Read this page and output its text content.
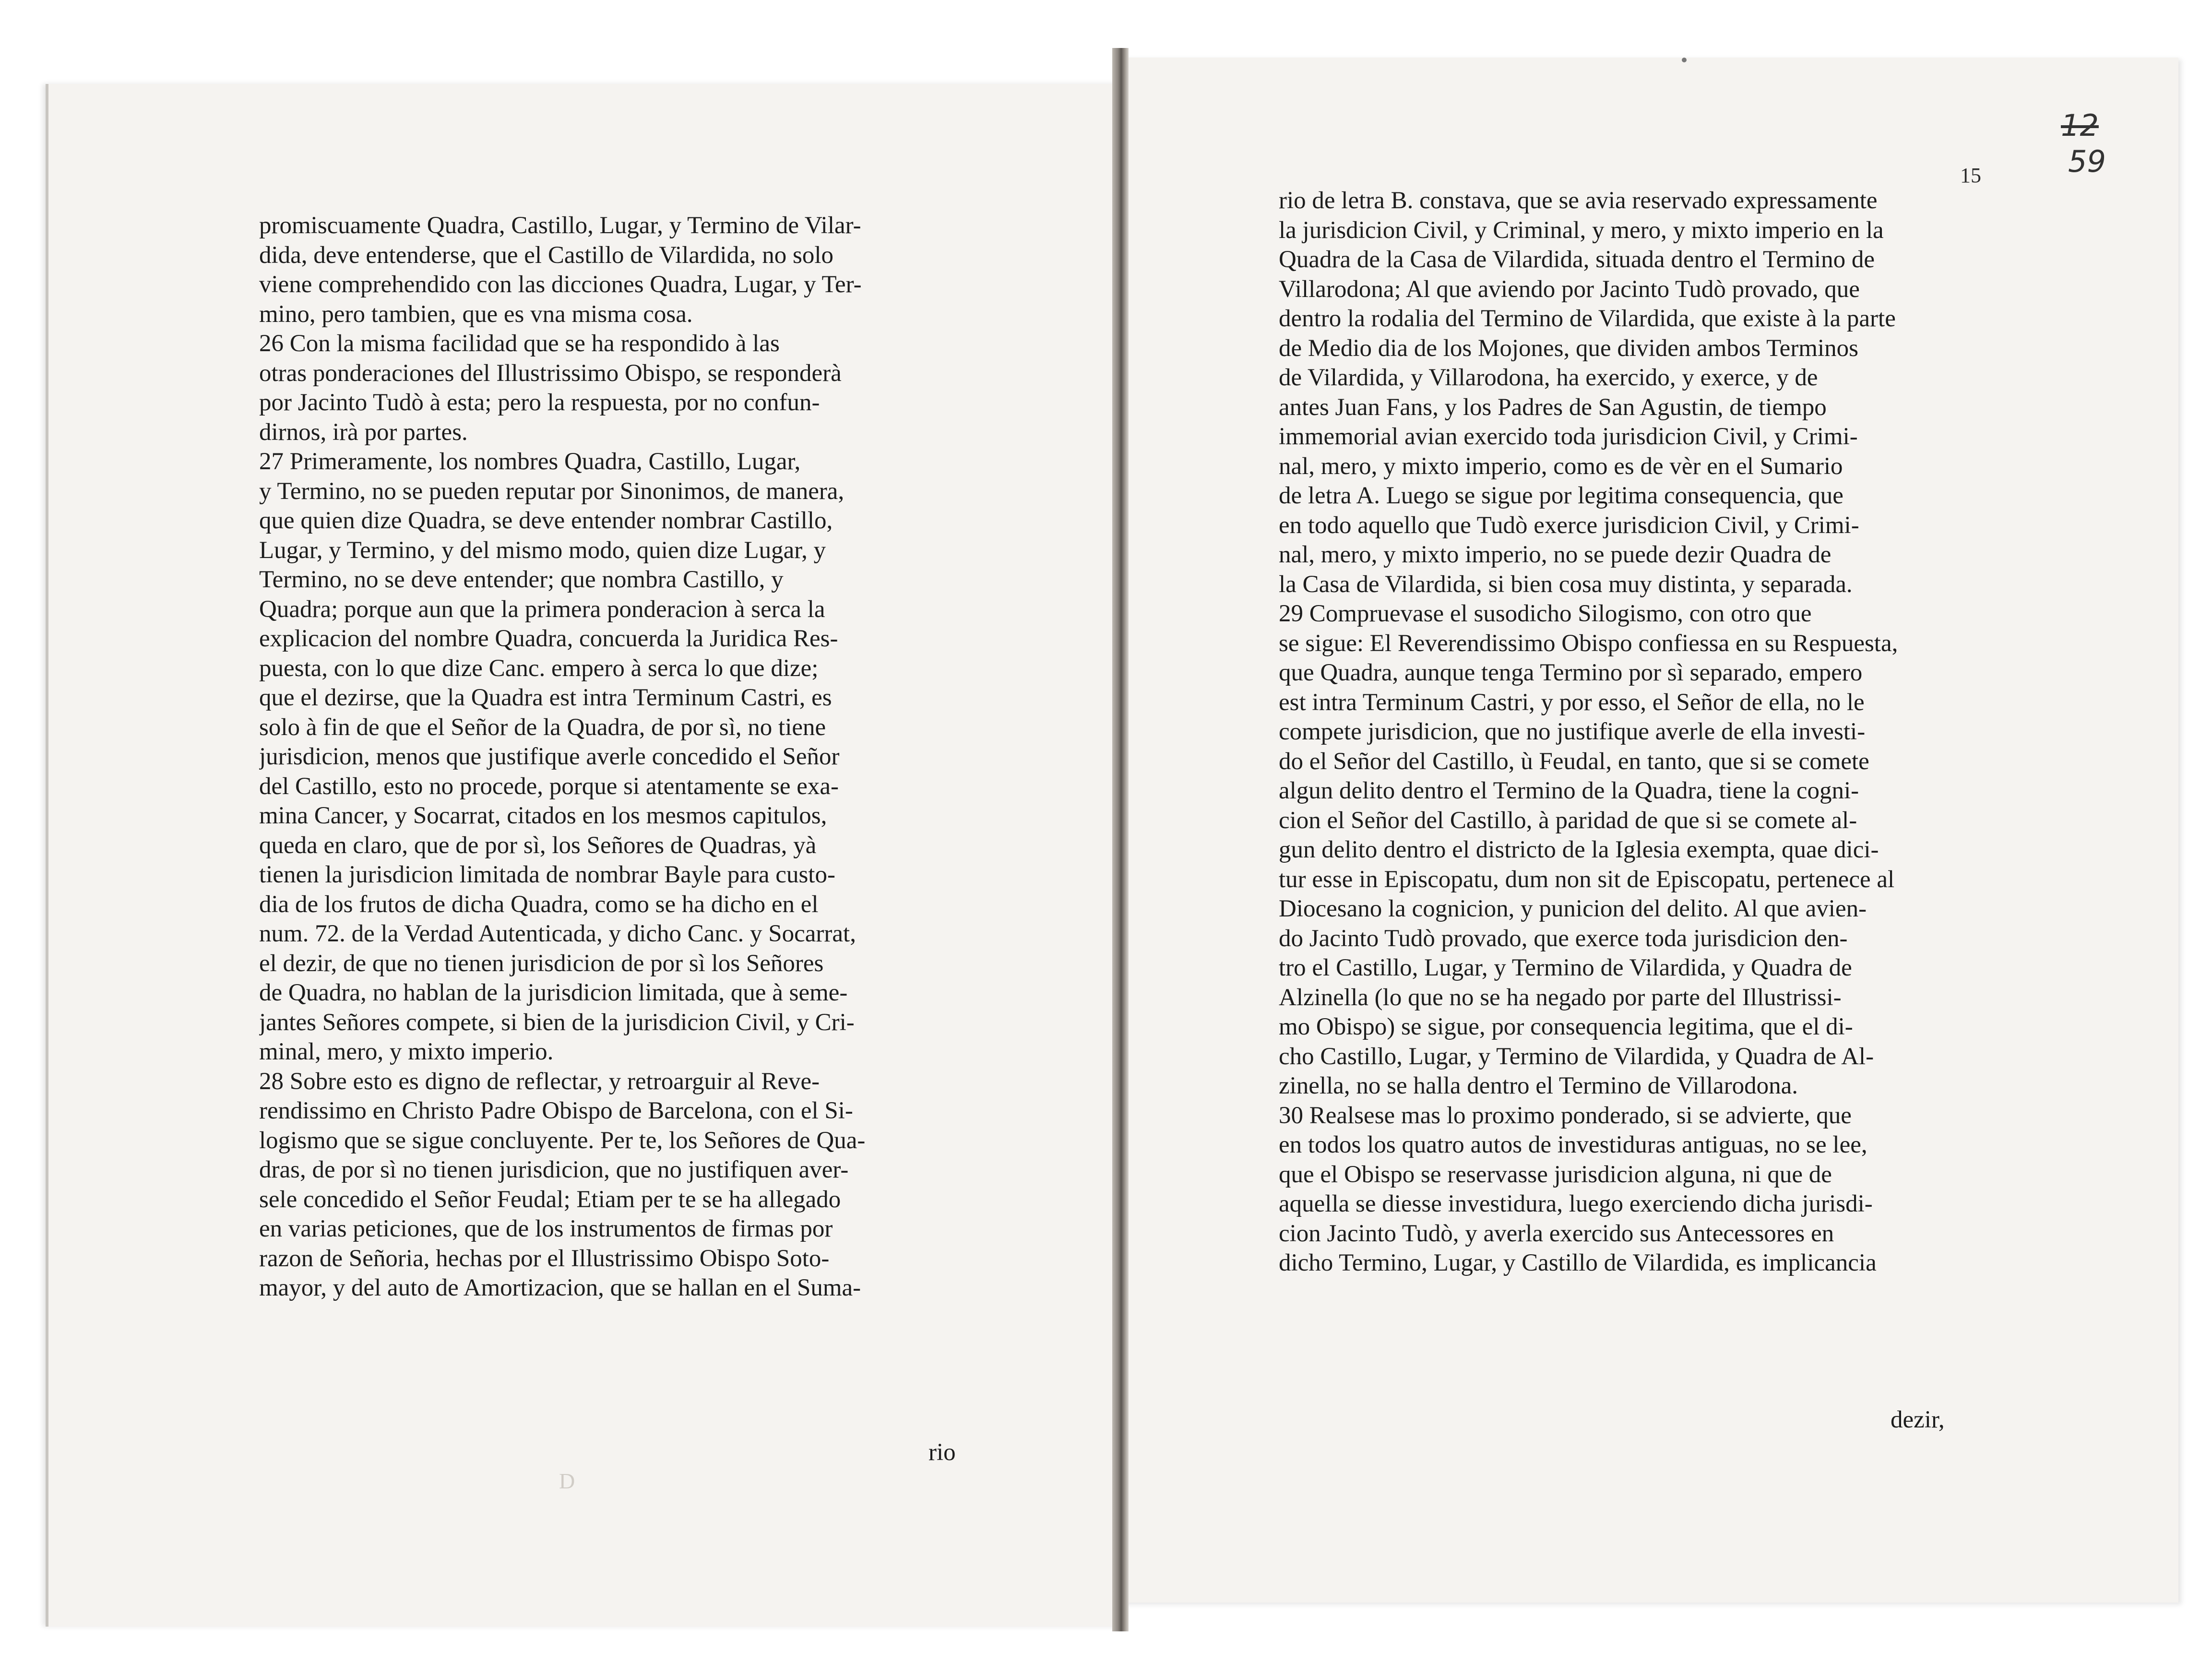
promiscuamente Quadra, Castillo, Lugar, y Termino de Vilar-
dida, deve entenderse, que el Castillo de Vilardida, no solo
viene comprehendido con las dicciones Quadra, Lugar, y Ter-
mino, pero tambien, que es vna misma cosa.
26 Con la misma facilidad que se ha respondido à las
otras ponderaciones del Illustrissimo Obispo, se responderà
por Jacinto Tudò à esta; pero la respuesta, por no confun-
dirnos, irà por partes.
27 Primeramente, los nombres Quadra, Castillo, Lugar,
y Termino, no se pueden reputar por Sinonimos, de manera,
que quien dize Quadra, se deve entender nombrar Castillo,
Lugar, y Termino, y del mismo modo, quien dize Lugar, y
Termino, no se deve entender; que nombra Castillo, y
Quadra; porque aun que la primera ponderacion à serca la
explicacion del nombre Quadra, concuerda la Juridica Res-
puesta, con lo que dize Canc. empero à serca lo que dize;
que el dezirse, que la Quadra est intra Terminum Castri, es
solo à fin de que el Señor de la Quadra, de por sì, no tiene
jurisdicion, menos que justifique averle concedido el Señor
del Castillo, esto no procede, porque si atentamente se exa-
mina Cancer, y Socarrat, citados en los mesmos capitulos,
queda en claro, que de por sì, los Señores de Quadras, yà
tienen la jurisdicion limitada de nombrar Bayle para custo-
dia de los frutos de dicha Quadra, como se ha dicho en el
num. 72. de la Verdad Autenticada, y dicho Canc. y Socarrat,
el dezir, de que no tienen jurisdicion de por sì los Señores
de Quadra, no hablan de la jurisdicion limitada, que à seme-
jantes Señores compete, si bien de la jurisdicion Civil, y Cri-
minal, mero, y mixto imperio.
28 Sobre esto es digno de reflectar, y retroarguir al Reve-
rendissimo en Christo Padre Obispo de Barcelona, con el Si-
logismo que se sigue concluyente. Per te, los Señores de Qua-
dras, de por sì no tienen jurisdicion, que no justifiquen aver-
sele concedido el Señor Feudal; Etiam per te se ha allegado
en varias peticiones, que de los instrumentos de firmas por
razon de Señoria, hechas por el Illustrissimo Obispo Soto-
mayor, y del auto de Amortizacion, que se hallan en el Suma-
rio
D
15
12
59
rio de letra B. constava, que se avia reservado expressamente
la jurisdicion Civil, y Criminal, y mero, y mixto imperio en la
Quadra de la Casa de Vilardida, situada dentro el Termino de
Villarodona; Al que aviendo por Jacinto Tudò provado, que
dentro la rodalia del Termino de Vilardida, que existe à la parte
de Medio dia de los Mojones, que dividen ambos Terminos
de Vilardida, y Villarodona, ha exercido, y exerce, y de
antes Juan Fans, y los Padres de San Agustin, de tiempo
immemorial avian exercido toda jurisdicion Civil, y Crimi-
nal, mero, y mixto imperio, como es de vèr en el Sumario
de letra A. Luego se sigue por legitima consequencia, que
en todo aquello que Tudò exerce jurisdicion Civil, y Crimi-
nal, mero, y mixto imperio, no se puede dezir Quadra de
la Casa de Vilardida, si bien cosa muy distinta, y separada.
29 Compruevase el susodicho Silogismo, con otro que
se sigue: El Reverendissimo Obispo confiessa en su Respuesta,
que Quadra, aunque tenga Termino por sì separado, empero
est intra Terminum Castri, y por esso, el Señor de ella, no le
compete jurisdicion, que no justifique averle de ella investi-
do el Señor del Castillo, ù Feudal, en tanto, que si se comete
algun delito dentro el Termino de la Quadra, tiene la cogni-
cion el Señor del Castillo, à paridad de que si se comete al-
gun delito dentro el districto de la Iglesia exempta, quae dici-
tur esse in Episcopatu, dum non sit de Episcopatu, pertenece al
Diocesano la cognicion, y punicion del delito. Al que avien-
do Jacinto Tudò provado, que exerce toda jurisdicion den-
tro el Castillo, Lugar, y Termino de Vilardida, y Quadra de
Alzinella (lo que no se ha negado por parte del Illustrissi-
mo Obispo) se sigue, por consequencia legitima, que el di-
cho Castillo, Lugar, y Termino de Vilardida, y Quadra de Al-
zinella, no se halla dentro el Termino de Villarodona.
30 Realsese mas lo proximo ponderado, si se advierte, que
en todos los quatro autos de investiduras antiguas, no se lee,
que el Obispo se reservasse jurisdicion alguna, ni que de
aquella se diesse investidura, luego exerciendo dicha jurisdi-
cion Jacinto Tudò, y averla exercido sus Antecessores en
dicho Termino, Lugar, y Castillo de Vilardida, es implicancia
dezir,
